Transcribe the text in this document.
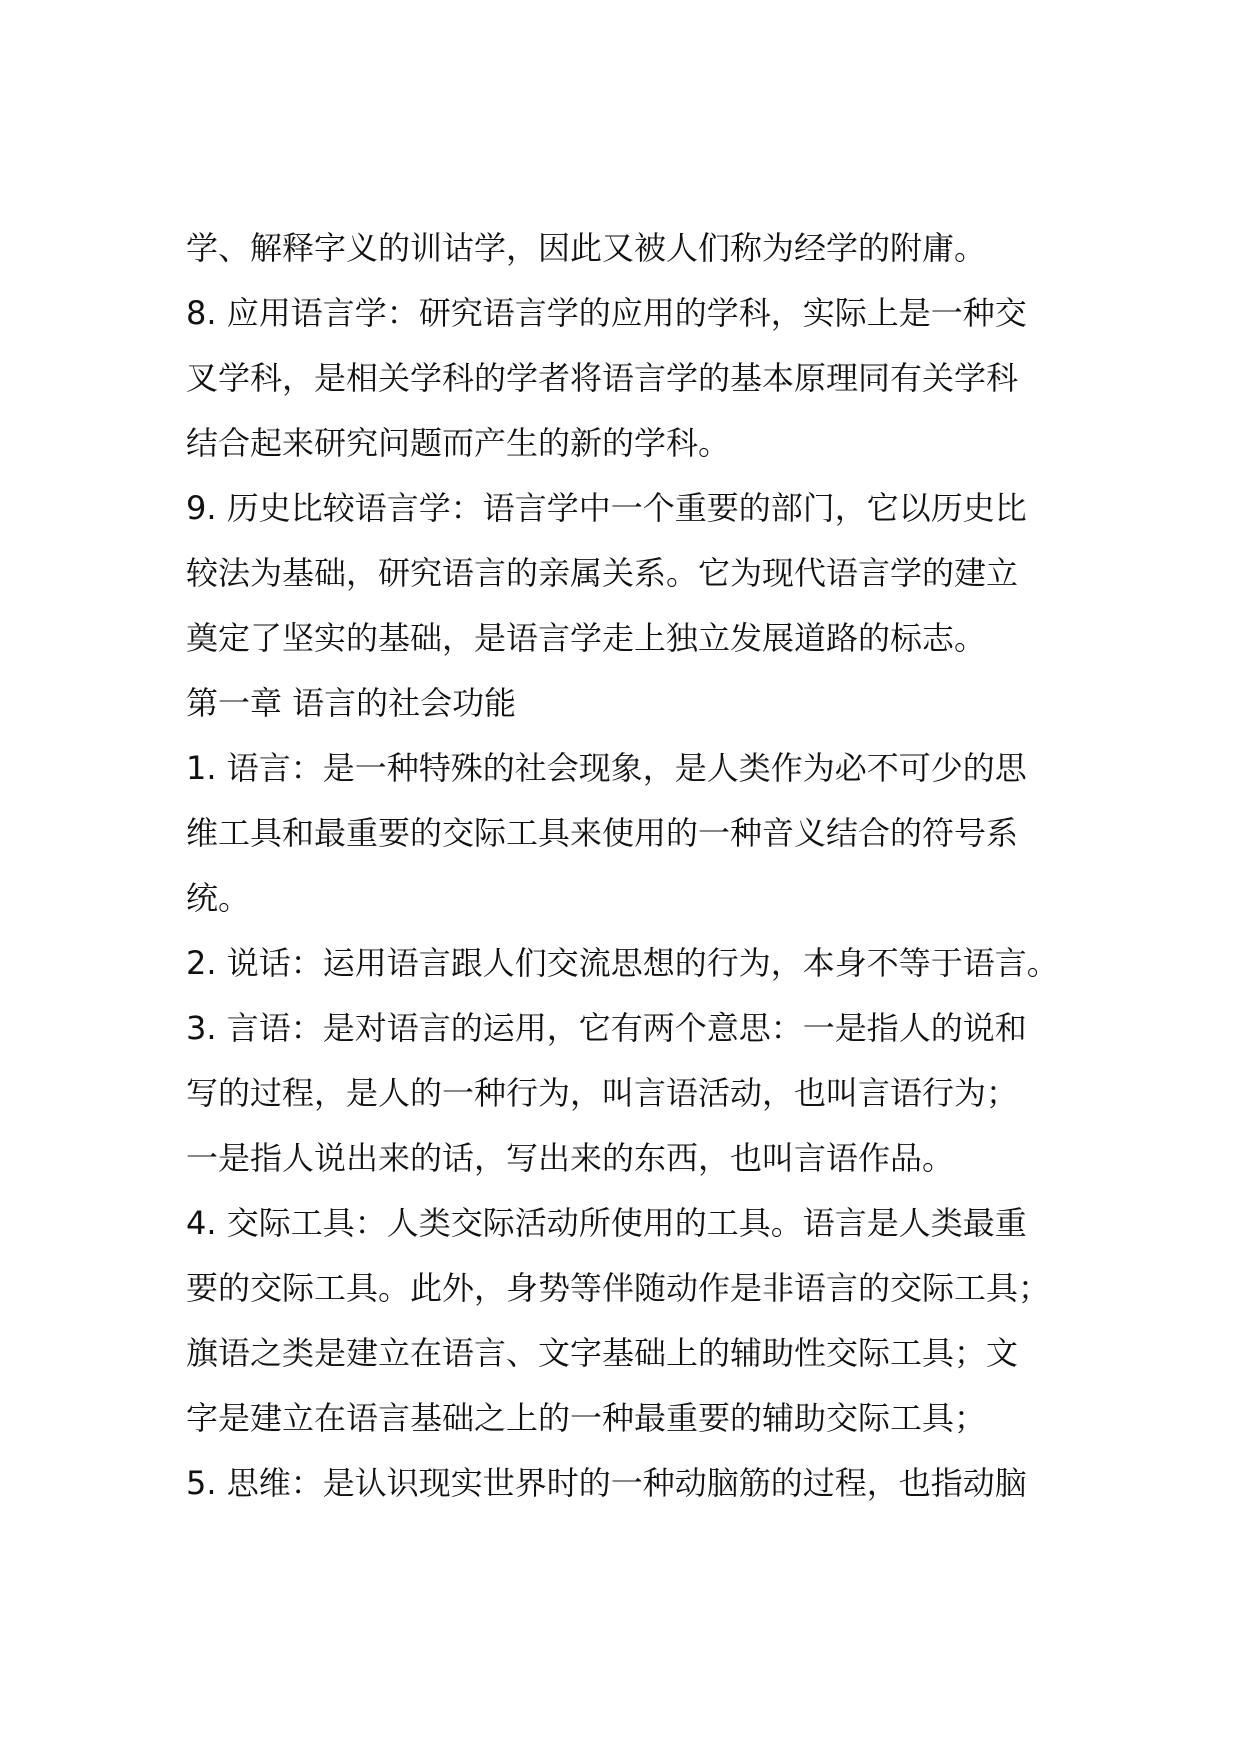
学、解释字义的训诂学，因此又被人们称为经学的附庸。
8. 应用语言学：研究语言学的应用的学科，实际上是一种交
叉学科，是相关学科的学者将语言学的基本原理同有关学科
结合起来研究问题而产生的新的学科。
9. 历史比较语言学：语言学中一个重要的部门，它以历史比
较法为基础，研究语言的亲属关系。它为现代语言学的建立
奠定了坚实的基础，是语言学走上独立发展道路的标志。
第一章 语言的社会功能
1. 语言：是一种特殊的社会现象，是人类作为必不可少的思
维工具和最重要的交际工具来使用的一种音义结合的符号系
统。
2. 说话：运用语言跟人们交流思想的行为，本身不等于语言。
3. 言语：是对语言的运用，它有两个意思：一是指人的说和
写的过程，是人的一种行为，叫言语活动，也叫言语行为；
一是指人说出来的话，写出来的东西，也叫言语作品。
4. 交际工具：人类交际活动所使用的工具。语言是人类最重
要的交际工具。此外，身势等伴随动作是非语言的交际工具；
旗语之类是建立在语言、文字基础上的辅助性交际工具；文
字是建立在语言基础之上的一种最重要的辅助交际工具；
5. 思维：是认识现实世界时的一种动脑筋的过程，也指动脑
